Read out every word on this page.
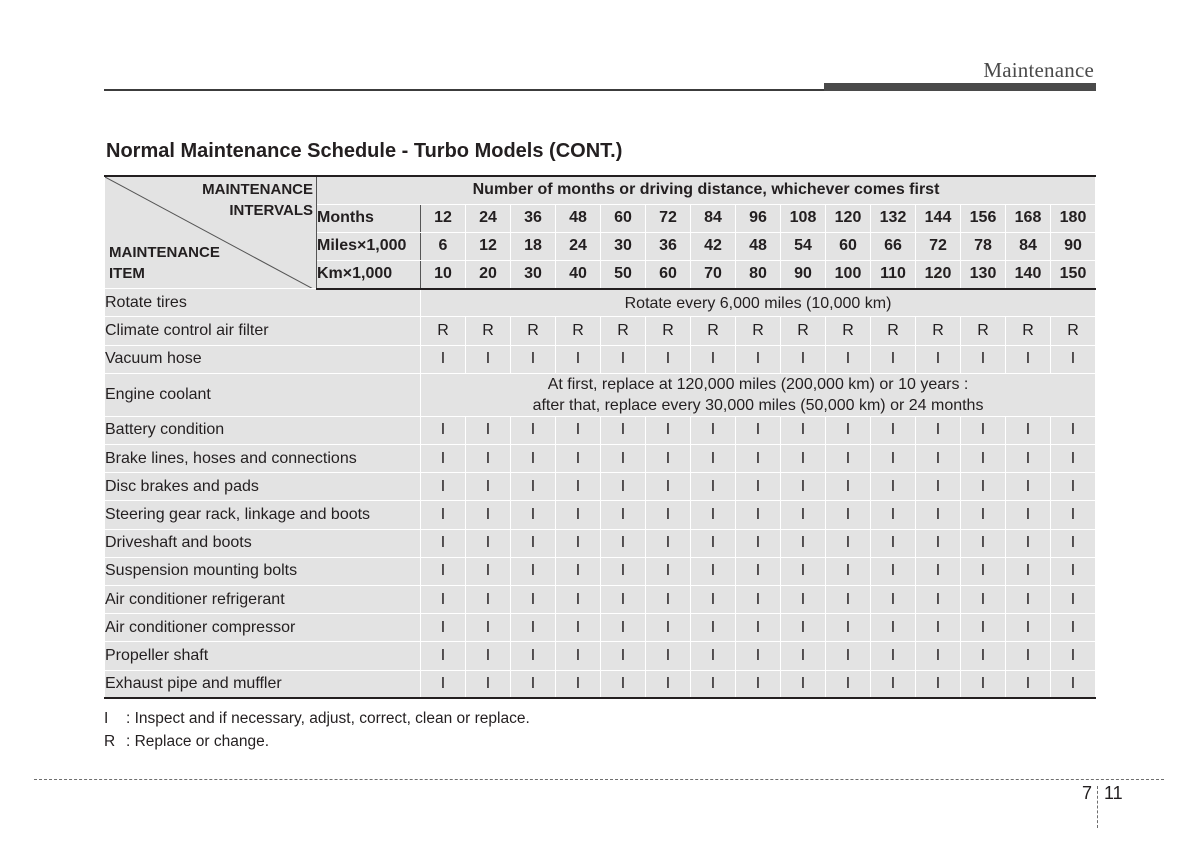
Maintenance
Normal Maintenance Schedule - Turbo Models (CONT.)
MAINTENANCE
INTERVALS
MAINTENANCE
ITEM	Number of months or driving distance, whichever comes first															
	Months	12	24	36	48	60	72	84	96	108	120	132	144	156	168	180
	Miles×1,000	6	12	18	24	30	36	42	48	54	60	66	72	78	84	90
	Km×1,000	10	20	30	40	50	60	70	80	90	100	110	120	130	140	150
Rotate tires		Rotate every 6,000 miles (10,000 km)														
Climate control air filter		R	R	R	R	R	R	R	R	R	R	R	R	R	R	R
Vacuum hose		I	I	I	I	I	I	I	I	I	I	I	I	I	I	I
Engine coolant		At first, replace at 120,000 miles (200,000 km) or 10 years :
after that, replace every 30,000 miles (50,000 km) or 24 months														

Battery condition		I	I	I	I	I	I	I	I	I	I	I	I	I	I	I
Brake lines, hoses and connections		I	I	I	I	I	I	I	I	I	I	I	I	I	I	I
Disc brakes and pads		I	I	I	I	I	I	I	I	I	I	I	I	I	I	I
Steering gear rack, linkage and boots		I	I	I	I	I	I	I	I	I	I	I	I	I	I	I
Driveshaft and boots		I	I	I	I	I	I	I	I	I	I	I	I	I	I	I
Suspension mounting bolts		I	I	I	I	I	I	I	I	I	I	I	I	I	I	I
Air conditioner refrigerant		I	I	I	I	I	I	I	I	I	I	I	I	I	I	I
Air conditioner compressor		I	I	I	I	I	I	I	I	I	I	I	I	I	I	I
Propeller shaft		I	I	I	I	I	I	I	I	I	I	I	I	I	I	I
Exhaust pipe and muffler		I	I	I	I	I	I	I	I	I	I	I	I	I	I	I
I : Inspect and if necessary, adjust, correct, clean or replace.
R : Replace or change.
7 11
